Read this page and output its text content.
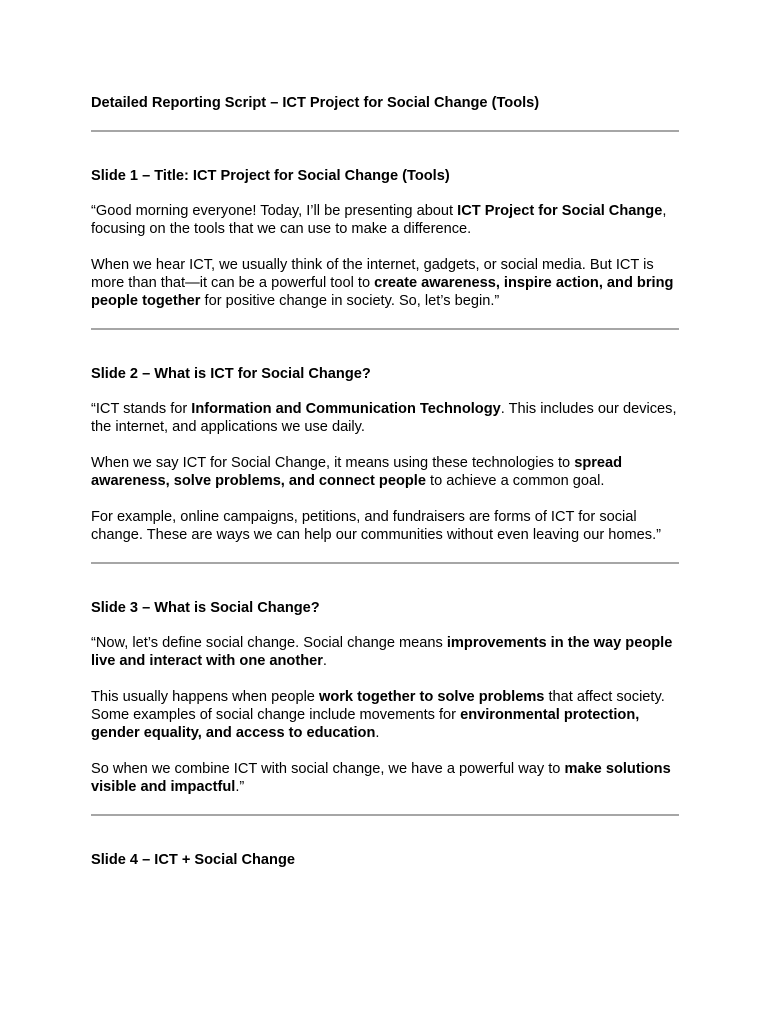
Detailed Reporting Script – ICT Project for Social Change (Tools)
Slide 1 – Title: ICT Project for Social Change (Tools)

“Good morning everyone! Today, I’ll be presenting about ICT Project for Social Change, focusing on the tools that we can use to make a difference.

When we hear ICT, we usually think of the internet, gadgets, or social media. But ICT is more than that—it can be a powerful tool to create awareness, inspire action, and bring people together for positive change in society. So, let’s begin.”

Slide 2 – What is ICT for Social Change?

“ICT stands for Information and Communication Technology. This includes our devices, the internet, and applications we use daily.

When we say ICT for Social Change, it means using these technologies to spread awareness, solve problems, and connect people to achieve a common goal.

For example, online campaigns, petitions, and fundraisers are forms of ICT for social change. These are ways we can help our communities without even leaving our homes.”

Slide 3 – What is Social Change?

“Now, let’s define social change. Social change means improvements in the way people live and interact with one another.

This usually happens when people work together to solve problems that affect society. Some examples of social change include movements for environmental protection, gender equality, and access to education.

So when we combine ICT with social change, we have a powerful way to make solutions visible and impactful.”

Slide 4 – ICT + Social Change
